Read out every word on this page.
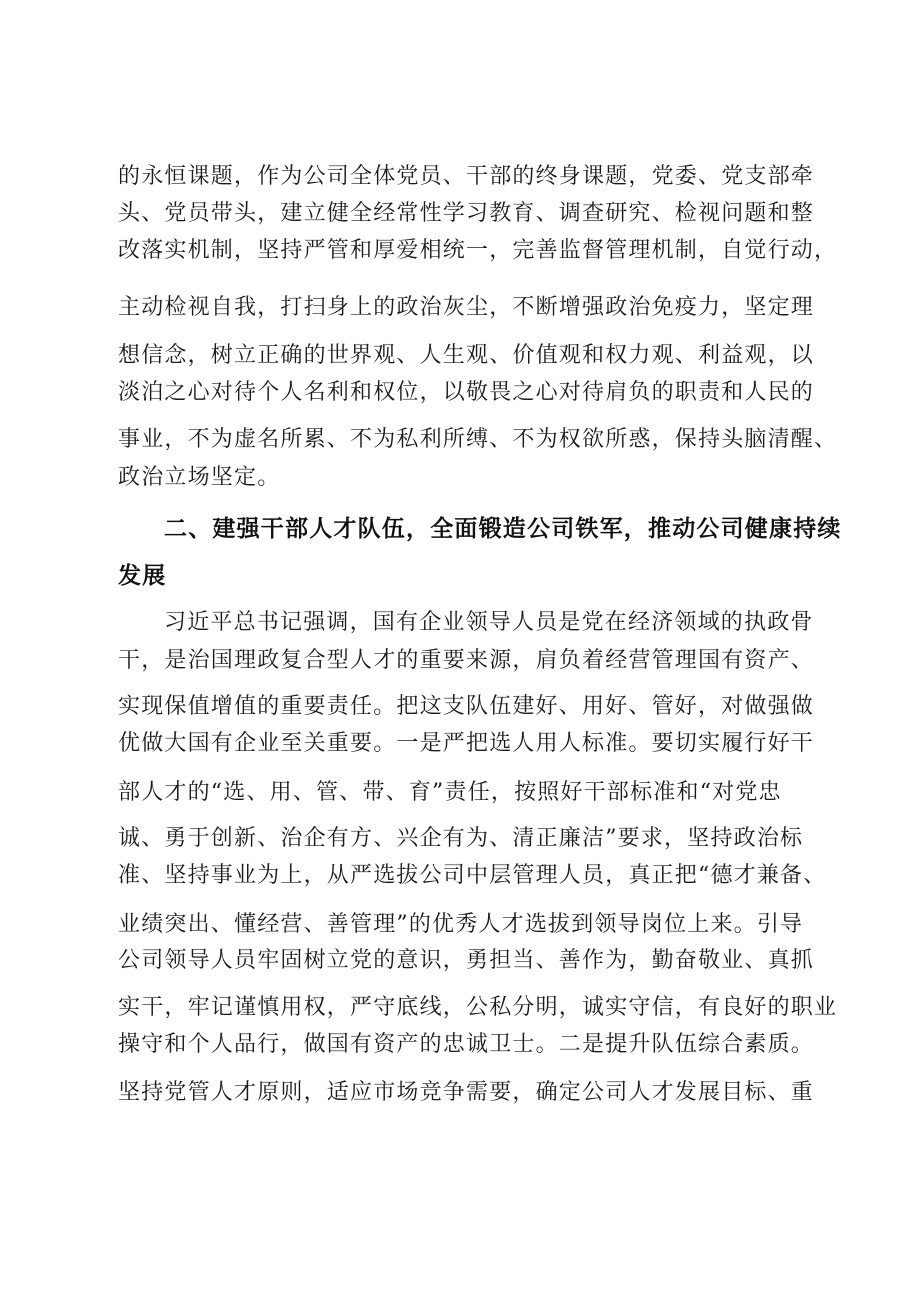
的永恒课题，作为公司全体党员、干部的终身课题，党委、党支部牵
头、党员带头，建立健全经常性学习教育、调查研究、检视问题和整
改落实机制，坚持严管和厚爱相统一，完善监督管理机制，自觉行动，
主动检视自我，打扫身上的政治灰尘，不断增强政治免疫力，坚定理
想信念，树立正确的世界观、人生观、价值观和权力观、利益观，以
淡泊之心对待个人名利和权位，以敬畏之心对待肩负的职责和人民的
事业，不为虚名所累、不为私利所缚、不为权欲所惑，保持头脑清醒、
政治立场坚定。
二、建强干部人才队伍，全面锻造公司铁军，推动公司健康持续
发展
习近平总书记强调，国有企业领导人员是党在经济领域的执政骨
干，是治国理政复合型人才的重要来源，肩负着经营管理国有资产、
实现保值增值的重要责任。把这支队伍建好、用好、管好，对做强做
优做大国有企业至关重要。一是严把选人用人标准。要切实履行好干
部人才的“选、用、管、带、育”责任，按照好干部标准和“对党忠
诚、勇于创新、治企有方、兴企有为、清正廉洁”要求，坚持政治标
准、坚持事业为上，从严选拔公司中层管理人员，真正把“德才兼备、
业绩突出、懂经营、善管理”的优秀人才选拔到领导岗位上来。引导
公司领导人员牢固树立党的意识，勇担当、善作为，勤奋敬业、真抓
实干，牢记谨慎用权，严守底线，公私分明，诚实守信，有良好的职业
操守和个人品行，做国有资产的忠诚卫士。二是提升队伍综合素质。
坚持党管人才原则，适应市场竞争需要，确定公司人才发展目标、重
